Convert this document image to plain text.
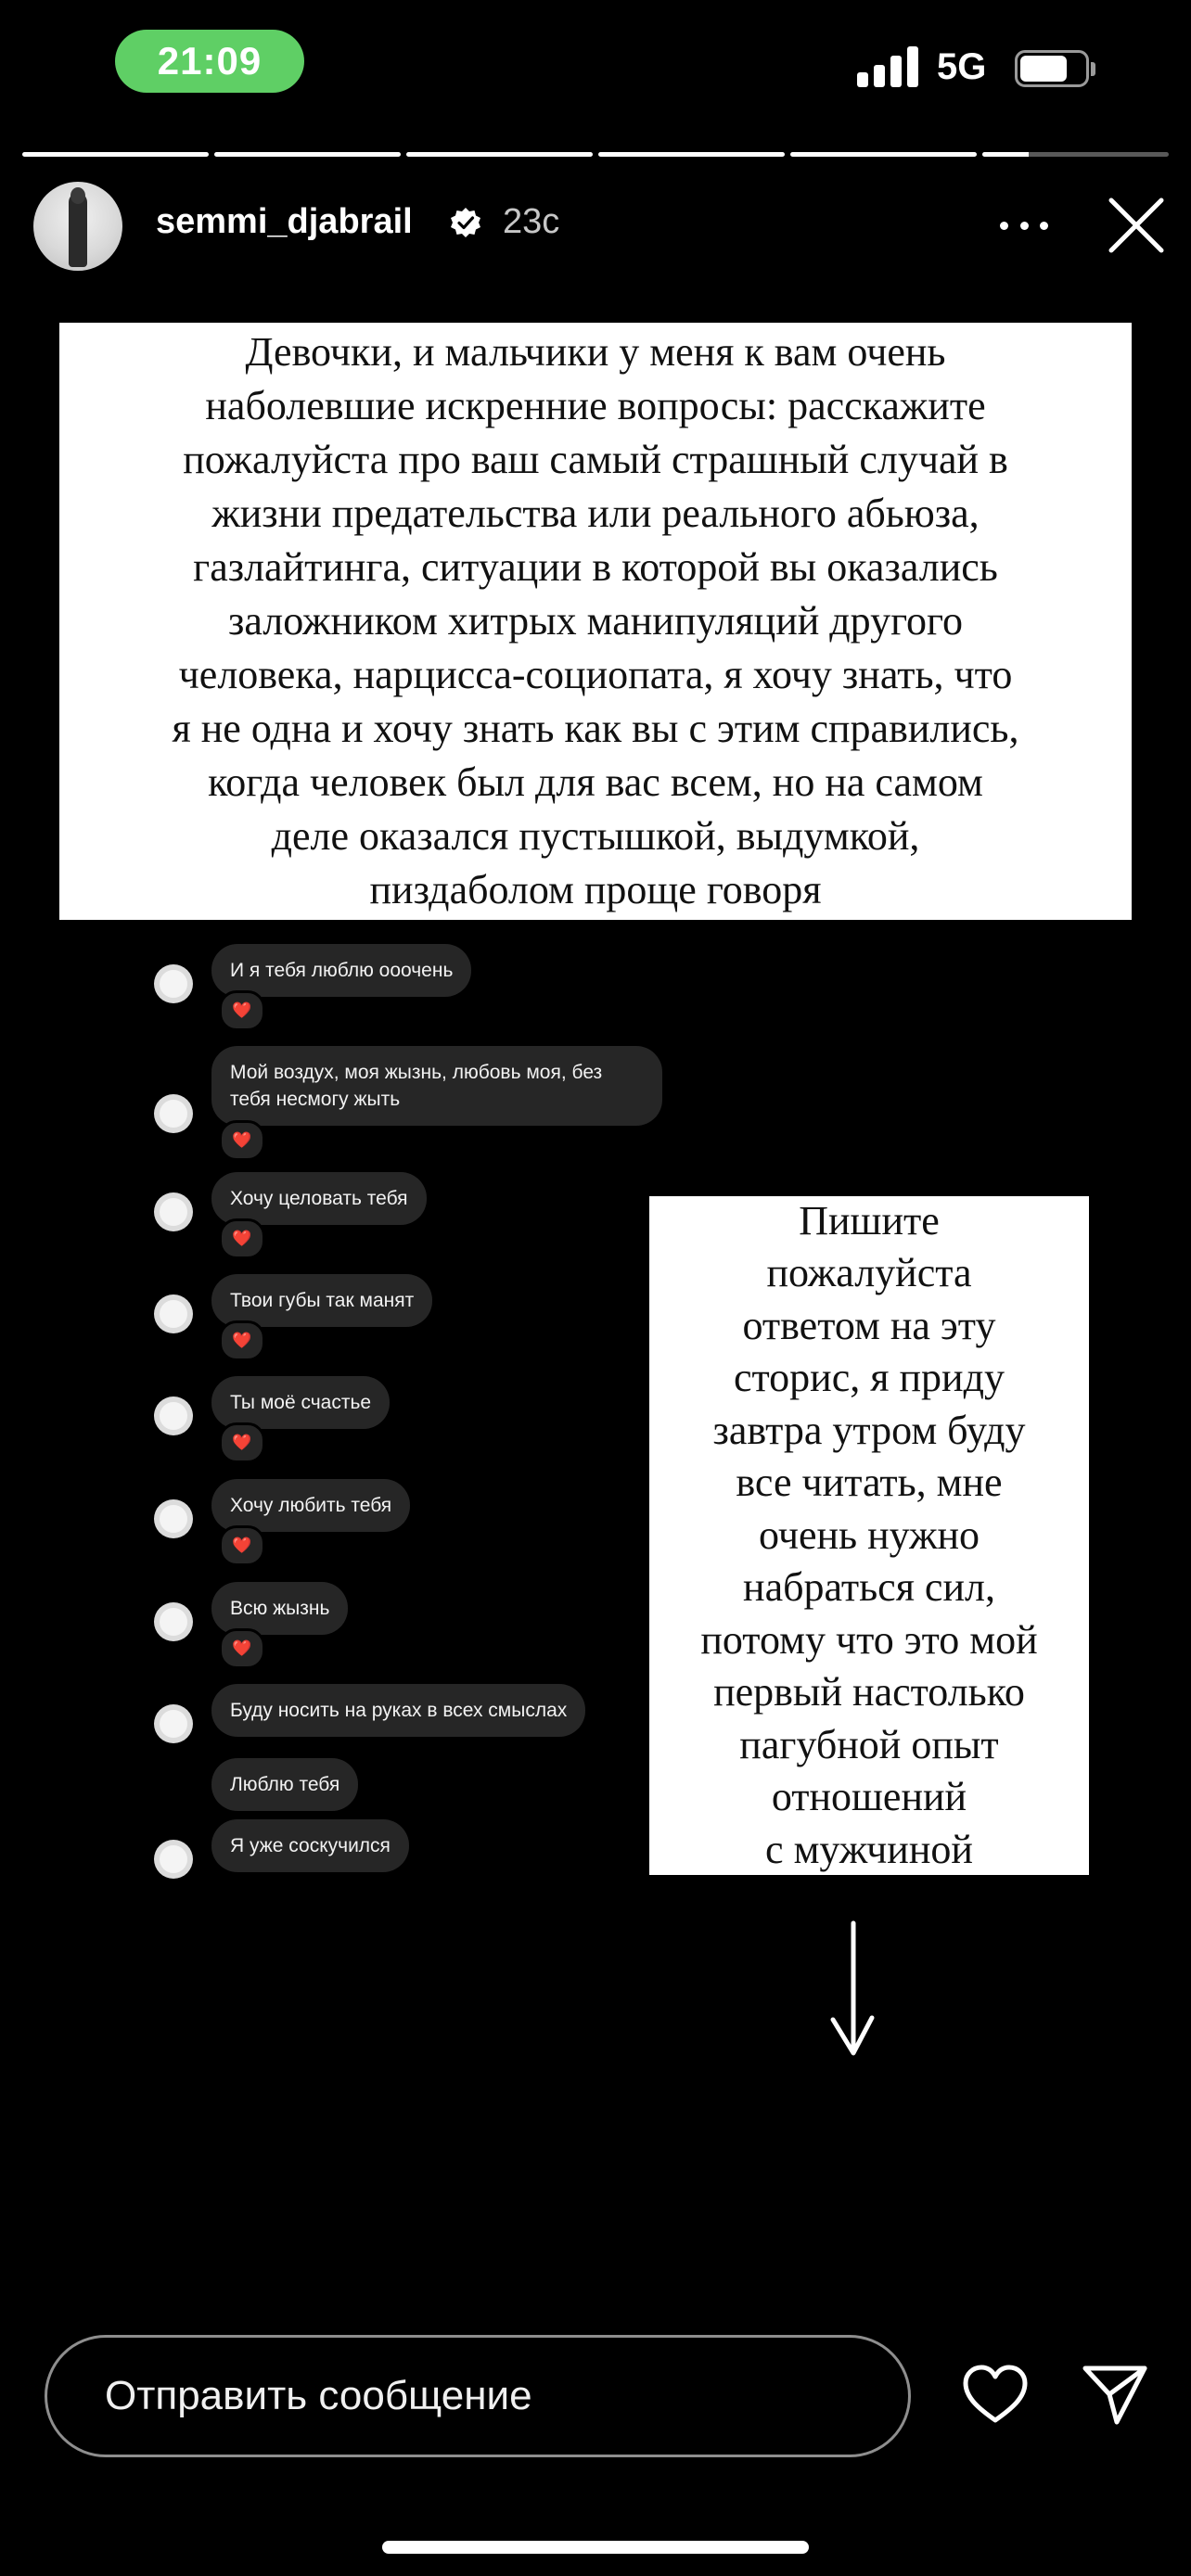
21:09	5G
semmi_djabrail	23с
Девочки, и мальчики у меня к вам очень
наболевшие искренние вопросы: расскажите
пожалуйста про ваш самый страшный случай в
жизни предательства или реального абьюза,
газлайтинга, ситуации в которой вы оказались
заложником хитрых манипуляций другого
человека, нарцисса-социопата, я хочу знать, что
я не одна и хочу знать как вы с этим справились,
когда человек был для вас всем, но на самом
деле оказался пустышкой, выдумкой,
пиздаболом проще говоря
И я тебя люблю ооочень
❤️
Мой воздух, моя жызнь, любовь моя, без тебя несмогу жыть
❤️
Хочу целовать тебя
❤️
Твои губы так манят
❤️
Ты моё счастье
❤️
Хочу любить тебя
❤️
Всю жызнь
❤️
Буду носить на руках в всех смыслах
Люблю тебя
Я уже соскучился
Пишите
пожалуйста
ответом на эту
сторис, я приду
завтра утром буду
все читать, мне
очень нужно
набраться сил,
потому что это мой
первый настолько
пагубной опыт
отношений
с мужчиной
Отправить сообщение
